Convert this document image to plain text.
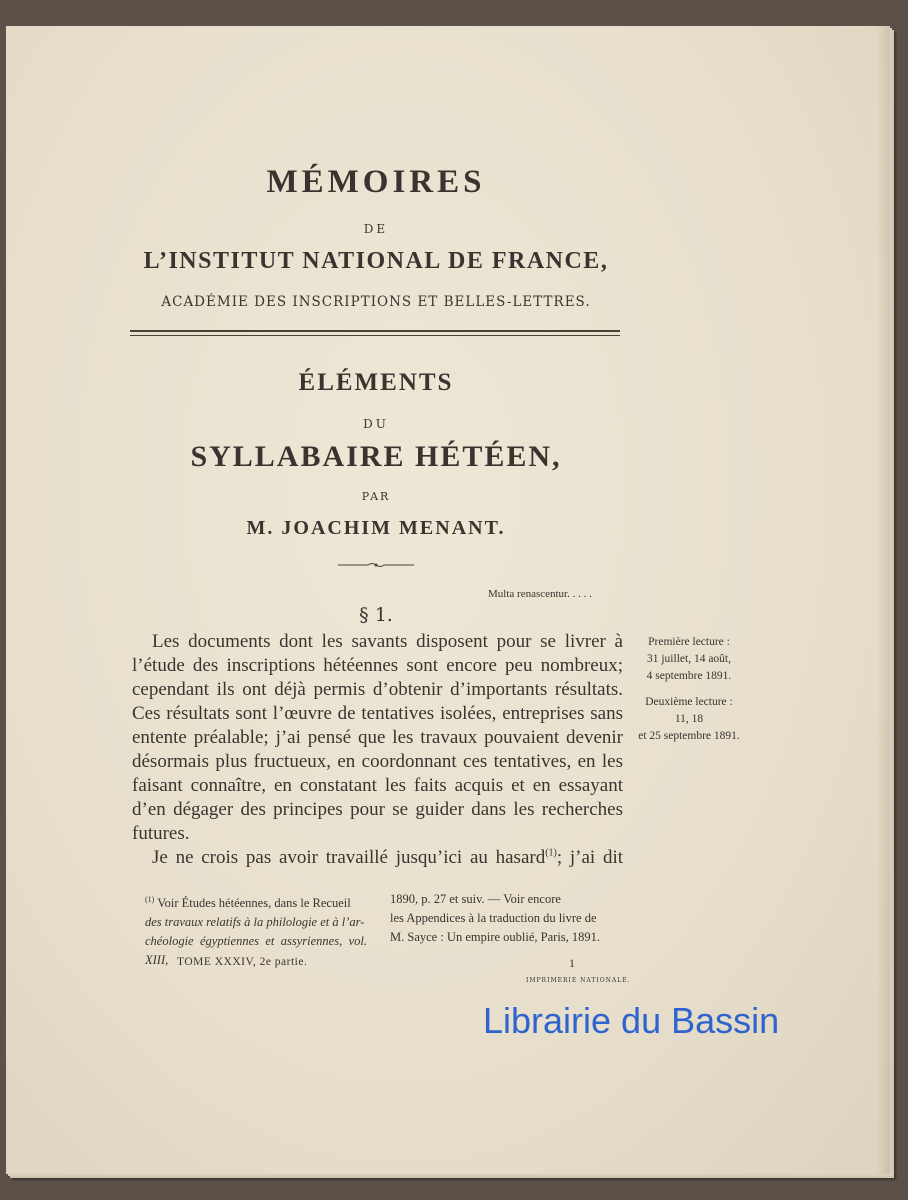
MÉMOIRES
DE
L’INSTITUT NATIONAL DE FRANCE,
ACADÉMIE DES INSCRIPTIONS ET BELLES-LETTRES.
ÉLÉMENTS
DU
SYLLABAIRE HÉTÉEN,
PAR
M. JOACHIM MENANT.
Multa renascentur. . . . .
§ 1.

Les documents dont les savants disposent pour se livrer à l’étude des inscriptions hétéennes sont encore peu nombreux; cependant ils ont déjà permis d’obtenir d’importants résultats. Ces résultats sont l’œuvre de tentatives isolées, entreprises sans entente préalable; j’ai pensé que les travaux pouvaient devenir désormais plus fructueux, en coordonnant ces tentatives, en les faisant connaître, en constatant les faits acquis et en essayant d’en dégager des principes pour se guider dans les recherches futures.

Je ne crois pas avoir travaillé jusqu’ici au hasard$^{(1)}$; j’ai dit

Première lecture :
31 juillet, 14 août,
4 septembre 1891.
Deuxième lecture :
11, 18
et 25 septembre 1891.
$^{(1)}$ Voir Études hétéennes, dans le Recueil
des travaux relatifs à la philologie et à l’ar-
chéologie égyptiennes et assyriennes, vol. XIII,
1890, p. 27 et suiv. — Voir encore
les Appendices à la traduction du livre de
M. Sayce : Un empire oublié, Paris, 1891.
TOME XXXIV, 2e partie.	1
IMPRIMERIE NATIONALE.
Librairie du Bassin
